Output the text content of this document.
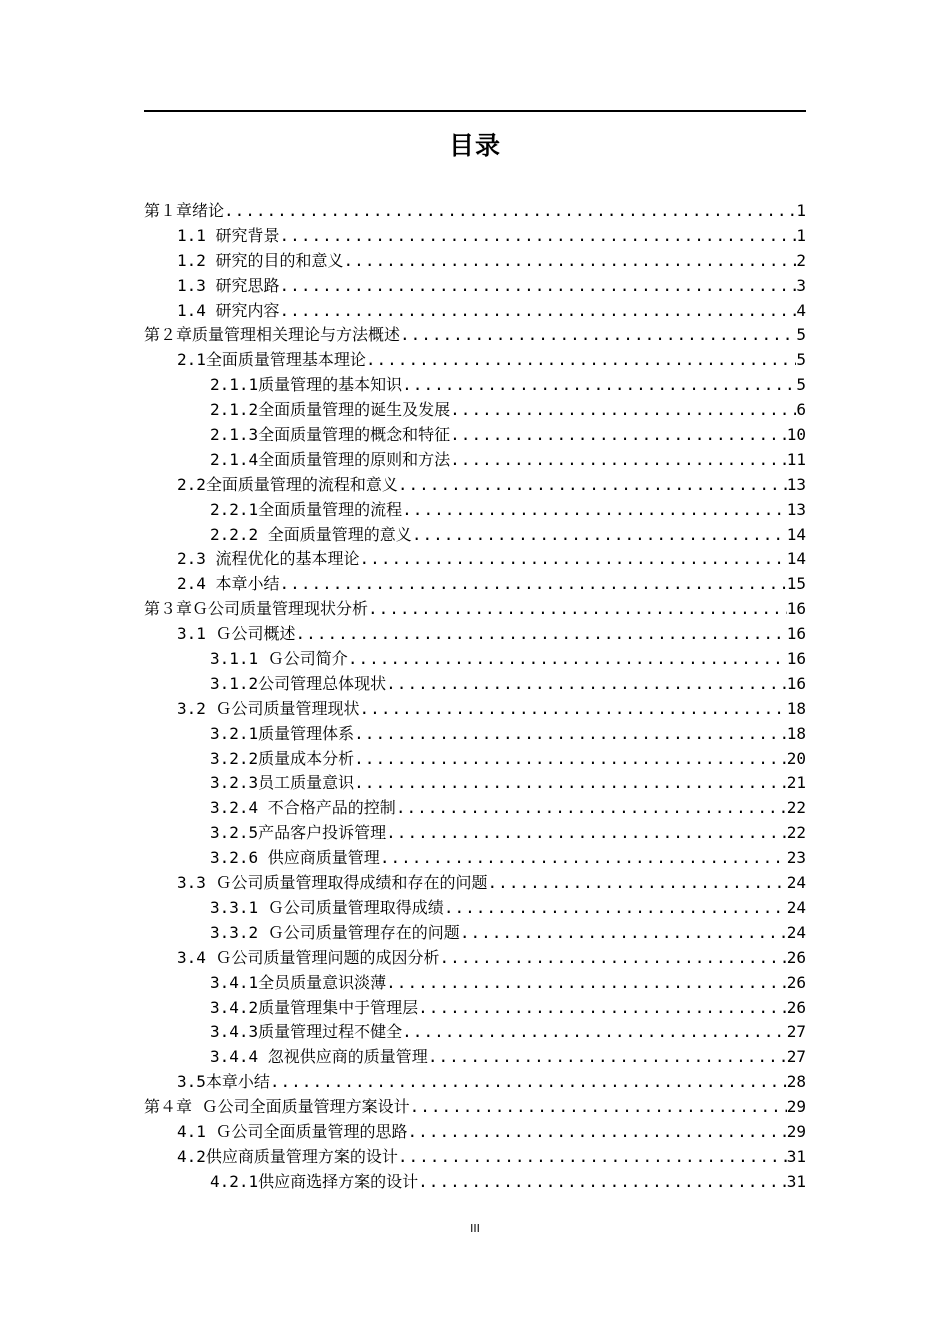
目录
第１章绪论 .....	1
1.1 研究背景 .....	1
1.2 研究的目的和意义 .....	2
1.3 研究思路 .....	3
1.4 研究内容 .....	4
第２章质量管理相关理论与方法概述 .....	5
2.1全面质量管理基本理论 .....	5
2.1.1质量管理的基本知识 .....	5
2.1.2全面质量管理的诞生及发展 .....	6
2.1.3全面质量管理的概念和特征 .....	10
2.1.4全面质量管理的原则和方法 .....	11
2.2全面质量管理的流程和意义 .....	13
2.2.1全面质量管理的流程 .....	13
2.2.2 全面质量管理的意义 .....	14
2.3 流程优化的基本理论 .....	14
2.4 本章小结 .....	15
第３章Ｇ公司质量管理现状分析 .....	16
3.1 Ｇ公司概述 .....	16
3.1.1 Ｇ公司简介 .....	16
3.1.2公司管理总体现状 .....	16
3.2 Ｇ公司质量管理现状 .....	18
3.2.1质量管理体系 .....	18
3.2.2质量成本分析 .....	20
3.2.3员工质量意识 .....	21
3.2.4 不合格产品的控制 .....	22
3.2.5产品客户投诉管理 .....	22
3.2.6 供应商质量管理 .....	23
3.3 Ｇ公司质量管理取得成绩和存在的问题 .....	24
3.3.1 Ｇ公司质量管理取得成绩 .....	24
3.3.2 Ｇ公司质量管理存在的问题 .....	24
3.4 Ｇ公司质量管理问题的成因分析 .....	26
3.4.1全员质量意识淡薄 .....	26
3.4.2质量管理集中于管理层 .....	26
3.4.3质量管理过程不健全 .....	27
3.4.4 忽视供应商的质量管理 .....	27
3.5本章小结 .....	28
第４章 Ｇ公司全面质量管理方案设计 .....	29
4.1 Ｇ公司全面质量管理的思路 .....	29
4.2供应商质量管理方案的设计 .....	31
4.2.1供应商选择方案的设计 .....	31
III
